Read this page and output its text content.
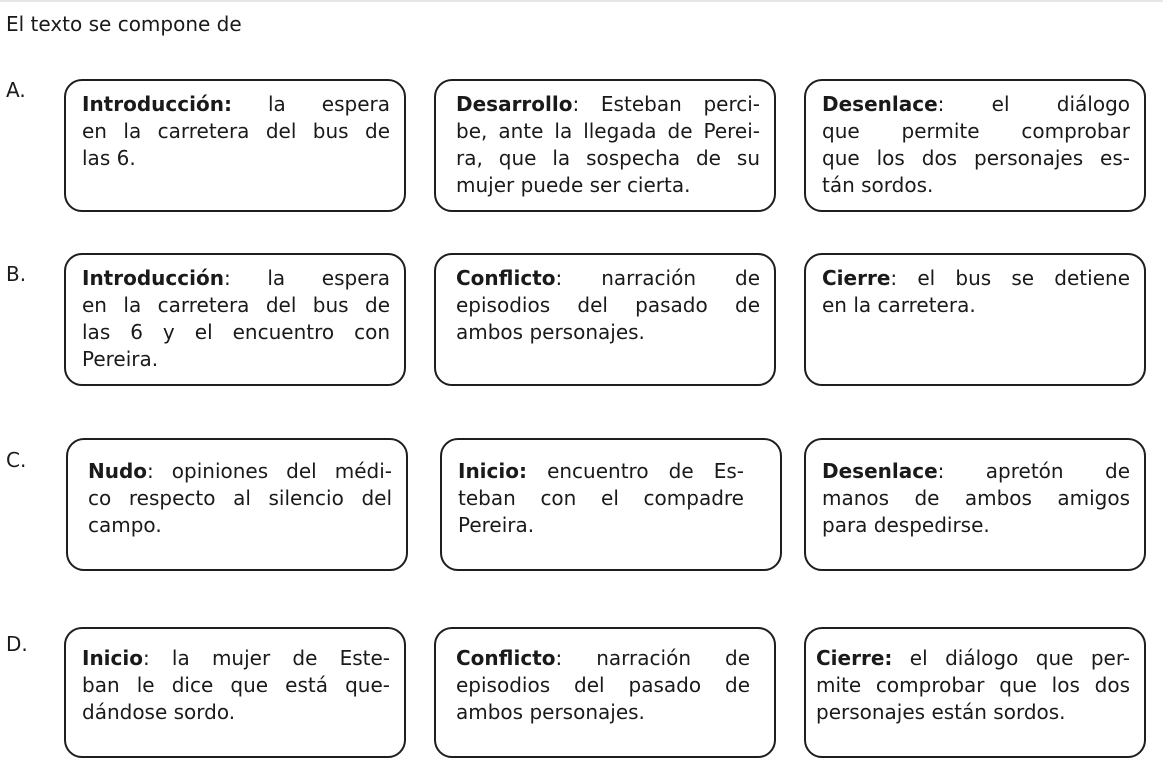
El texto se compone de
A.
Introducción: la espera
en la carretera del bus de
las 6.
Desarrollo: Esteban perci-
be, ante la llegada de Perei-
ra, que la sospecha de su
mujer puede ser cierta.
Desenlace: el diálogo
que permite comprobar
que los dos personajes es-
tán sordos.
B.	Introducción: la espera
en la carretera del bus de
las 6 y el encuentro con
Pereira.
Conflicto: narración de
episodios del pasado de
ambos personajes.
Cierre: el bus se detiene
en la carretera.
C.	Nudo: opiniones del médi-
co respecto al silencio del
campo.
Inicio: encuentro de Es-
teban con el compadre
Pereira.
Desenlace: apretón de
manos de ambos amigos
para despedirse.
D.
Inicio: la mujer de Este-
ban le dice que está que-
dándose sordo.
Conflicto: narración de
episodios del pasado de
ambos personajes.
Cierre: el diálogo que per-
mite comprobar que los dos
personajes están sordos.
